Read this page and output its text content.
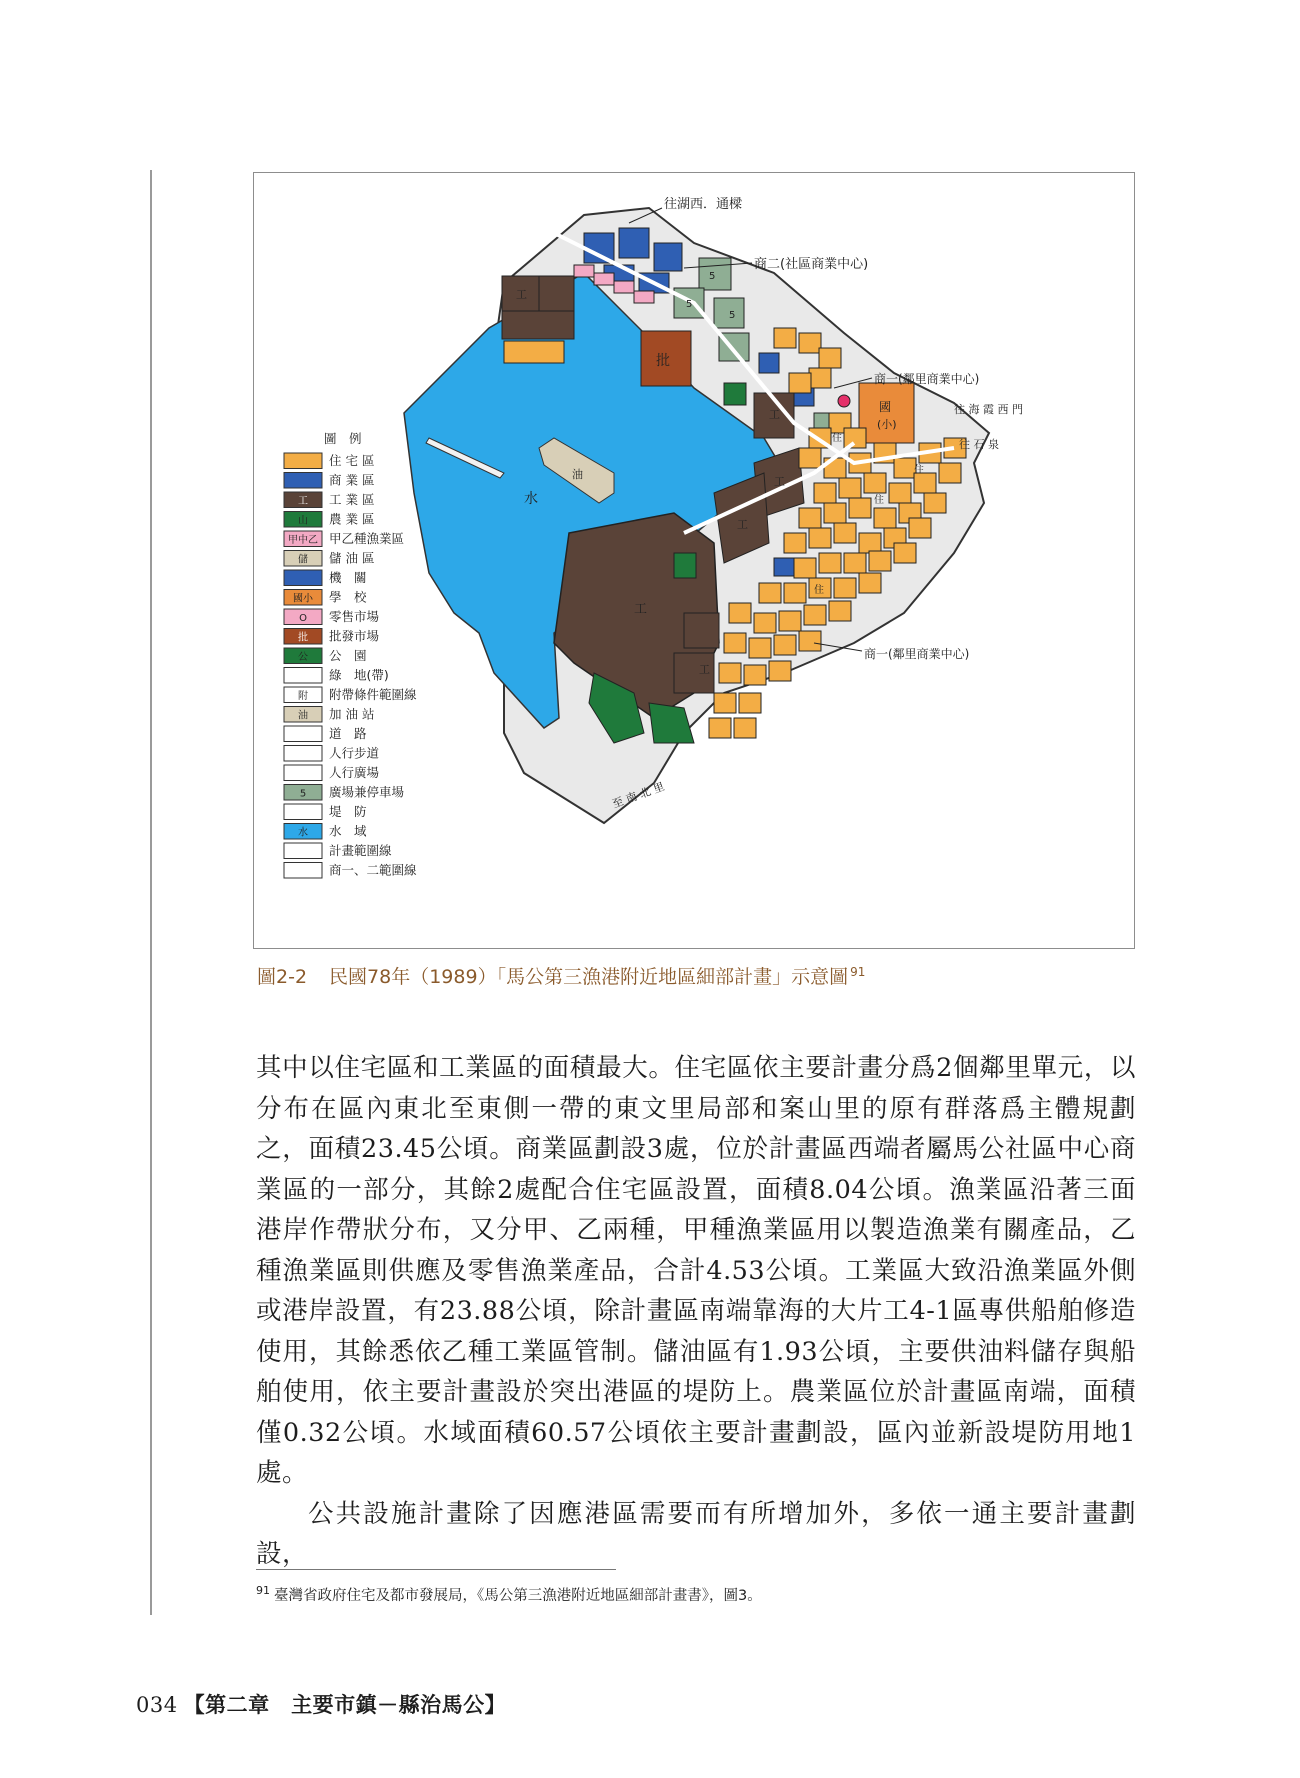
圖　例
工
山
甲中乙
儲
國小
O
批
公
附
油
5
水
住 宅 區
商 業 區
工 業 區
農 業 區
甲乙種漁業區
儲 油 區
機　關
學　校
零售市場
批發市場
公　園
綠　地(帶)
附帶條件範圍線
加 油 站
道　路
人行步道
人行廣場
廣場兼停車場
堤　防
水　域
計畫範圍線
商一、二範圍線
往湖西．通樑
商二(社區商業中心)
商一(鄰里商業中心)
商一(鄰里商業中心)
往 海 霞 西 門
往 石 泉
至 南 北 里
水
批
油
國
(小)
工
工
工
工
工
工
5
5
5
住
住
住
住
圖2-2 民國78年（1989）「馬公第三漁港附近地區細部計畫」示意圖 $^{91}$

其中以住宅區和工業區的面積最大。住宅區依主要計畫分爲2個鄰里單元，以分布在區內東北至東側一帶的東文里局部和案山里的原有群落爲主體規劃之，面積23.45公頃。商業區劃設3處，位於計畫區西端者屬馬公社區中心商業區的一部分，其餘2處配合住宅區設置，面積8.04公頃。漁業區沿著三面港岸作帶狀分布，又分甲、乙兩種，甲種漁業區用以製造漁業有關產品，乙種漁業區則供應及零售漁業產品，合計4.53公頃。工業區大致沿漁業區外側或港岸設置，有23.88公頃，除計畫區南端靠海的大片工4-1區專供船舶修造使用，其餘悉依乙種工業區管制。儲油區有1.93公頃，主要供油料儲存與船舶使用，依主要計畫設於突出港區的堤防上。農業區位於計畫區南端，面積僅0.32公頃。水域面積60.57公頃依主要計畫劃設，區內並新設堤防用地1處。

公共設施計畫除了因應港區需要而有所增加外，多依一通主要計畫劃設，

$^{91}$ 臺灣省政府住宅及都市發展局，《馬公第三漁港附近地區細部計畫書》，圖3。
034 【第二章　主要市鎮－縣治馬公】
